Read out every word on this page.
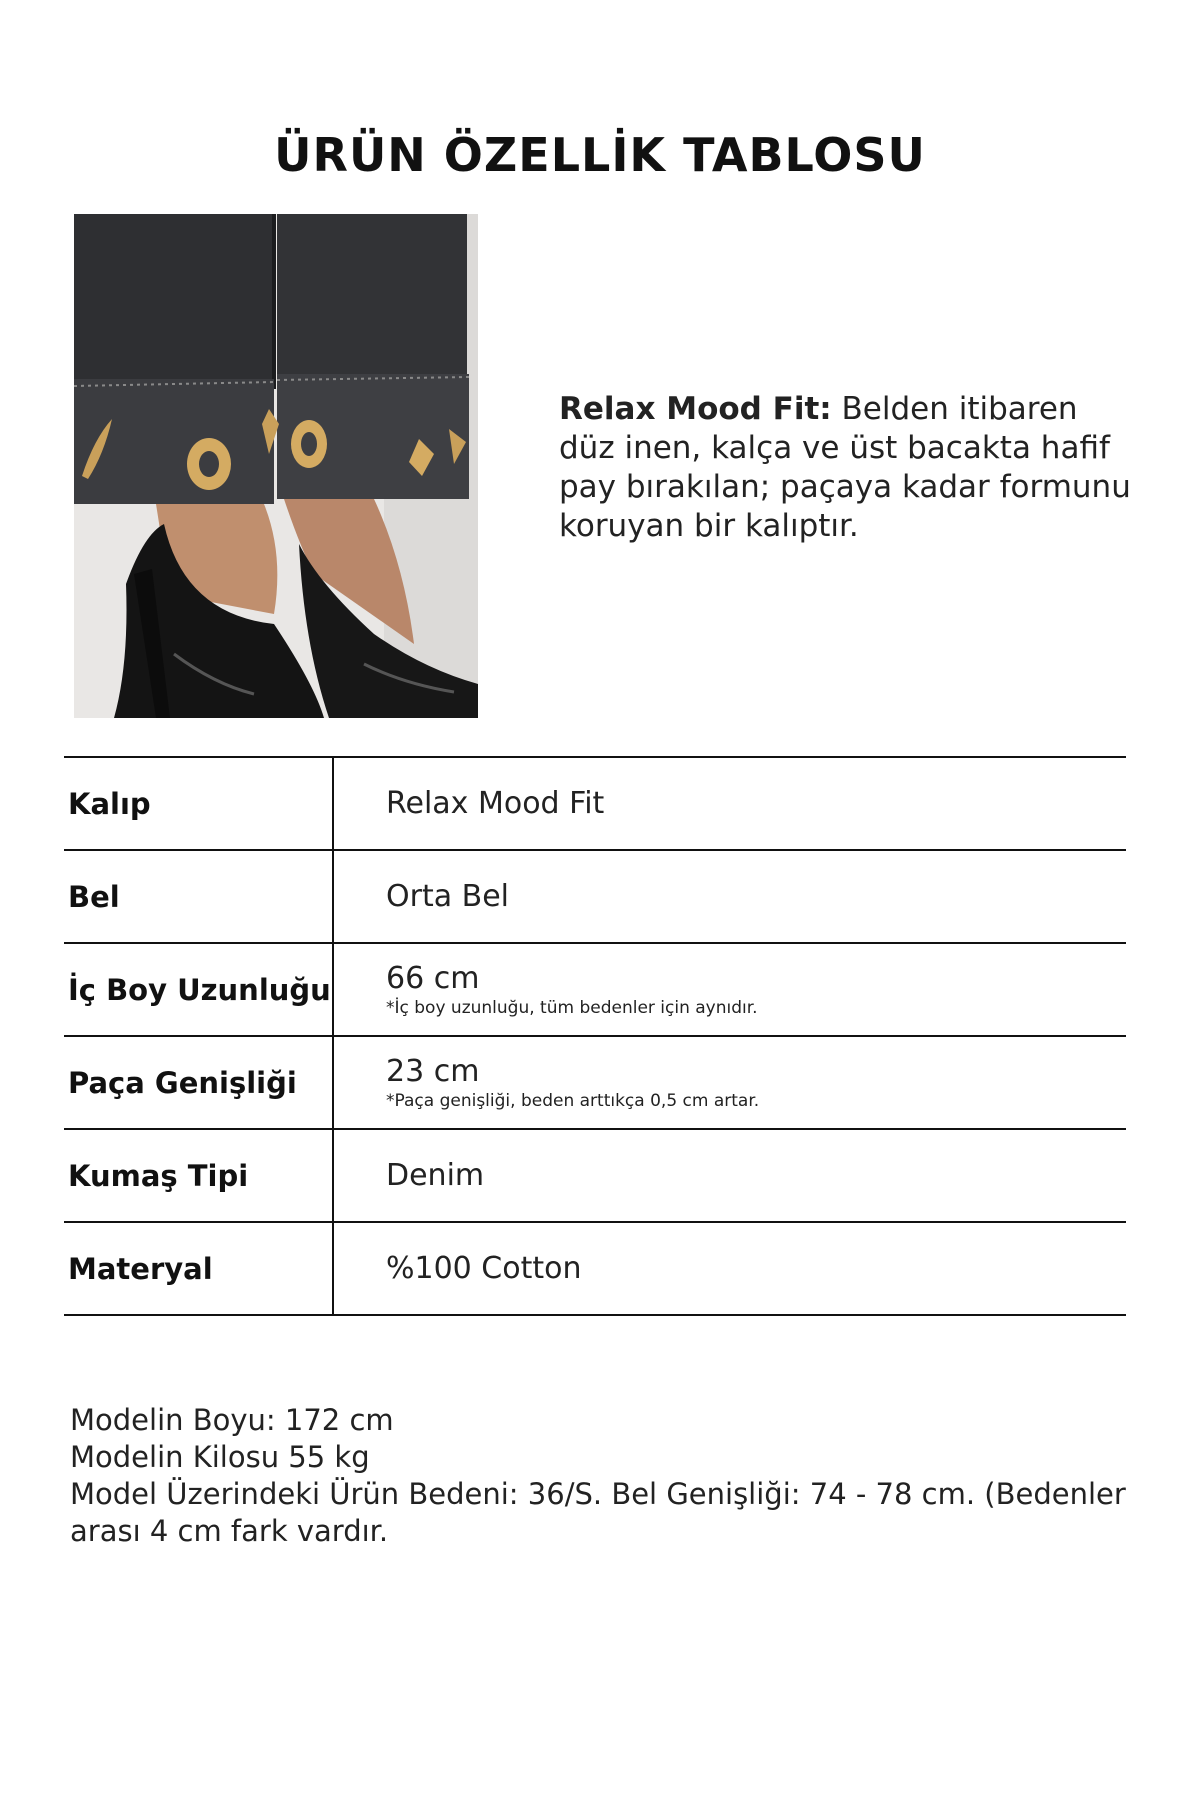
ÜRÜN ÖZELLİK TABLOSU
Relax Mood Fit: Belden itibaren düz inen, kalça ve üst bacakta hafif pay bırakılan; paçaya kadar formunu koruyan bir kalıptır.
Kalıp	Relax Mood Fit
Bel	Orta Bel
İç Boy Uzunluğu 66 cm
*İç boy uzunluğu, tüm bedenler için aynıdır.
Paça Genişliği	23 cm
*Paça genişliği, beden arttıkça 0,5 cm artar.
Kumaş Tipi	Denim
Materyal	%100 Cotton
Modelin Boyu: 172 cm
Modelin Kilosu 55 kg
Model Üzerindeki Ürün Bedeni: 36/S. Bel Genişliği: 74 - 78 cm. (Bedenler arası 4 cm fark vardır.
